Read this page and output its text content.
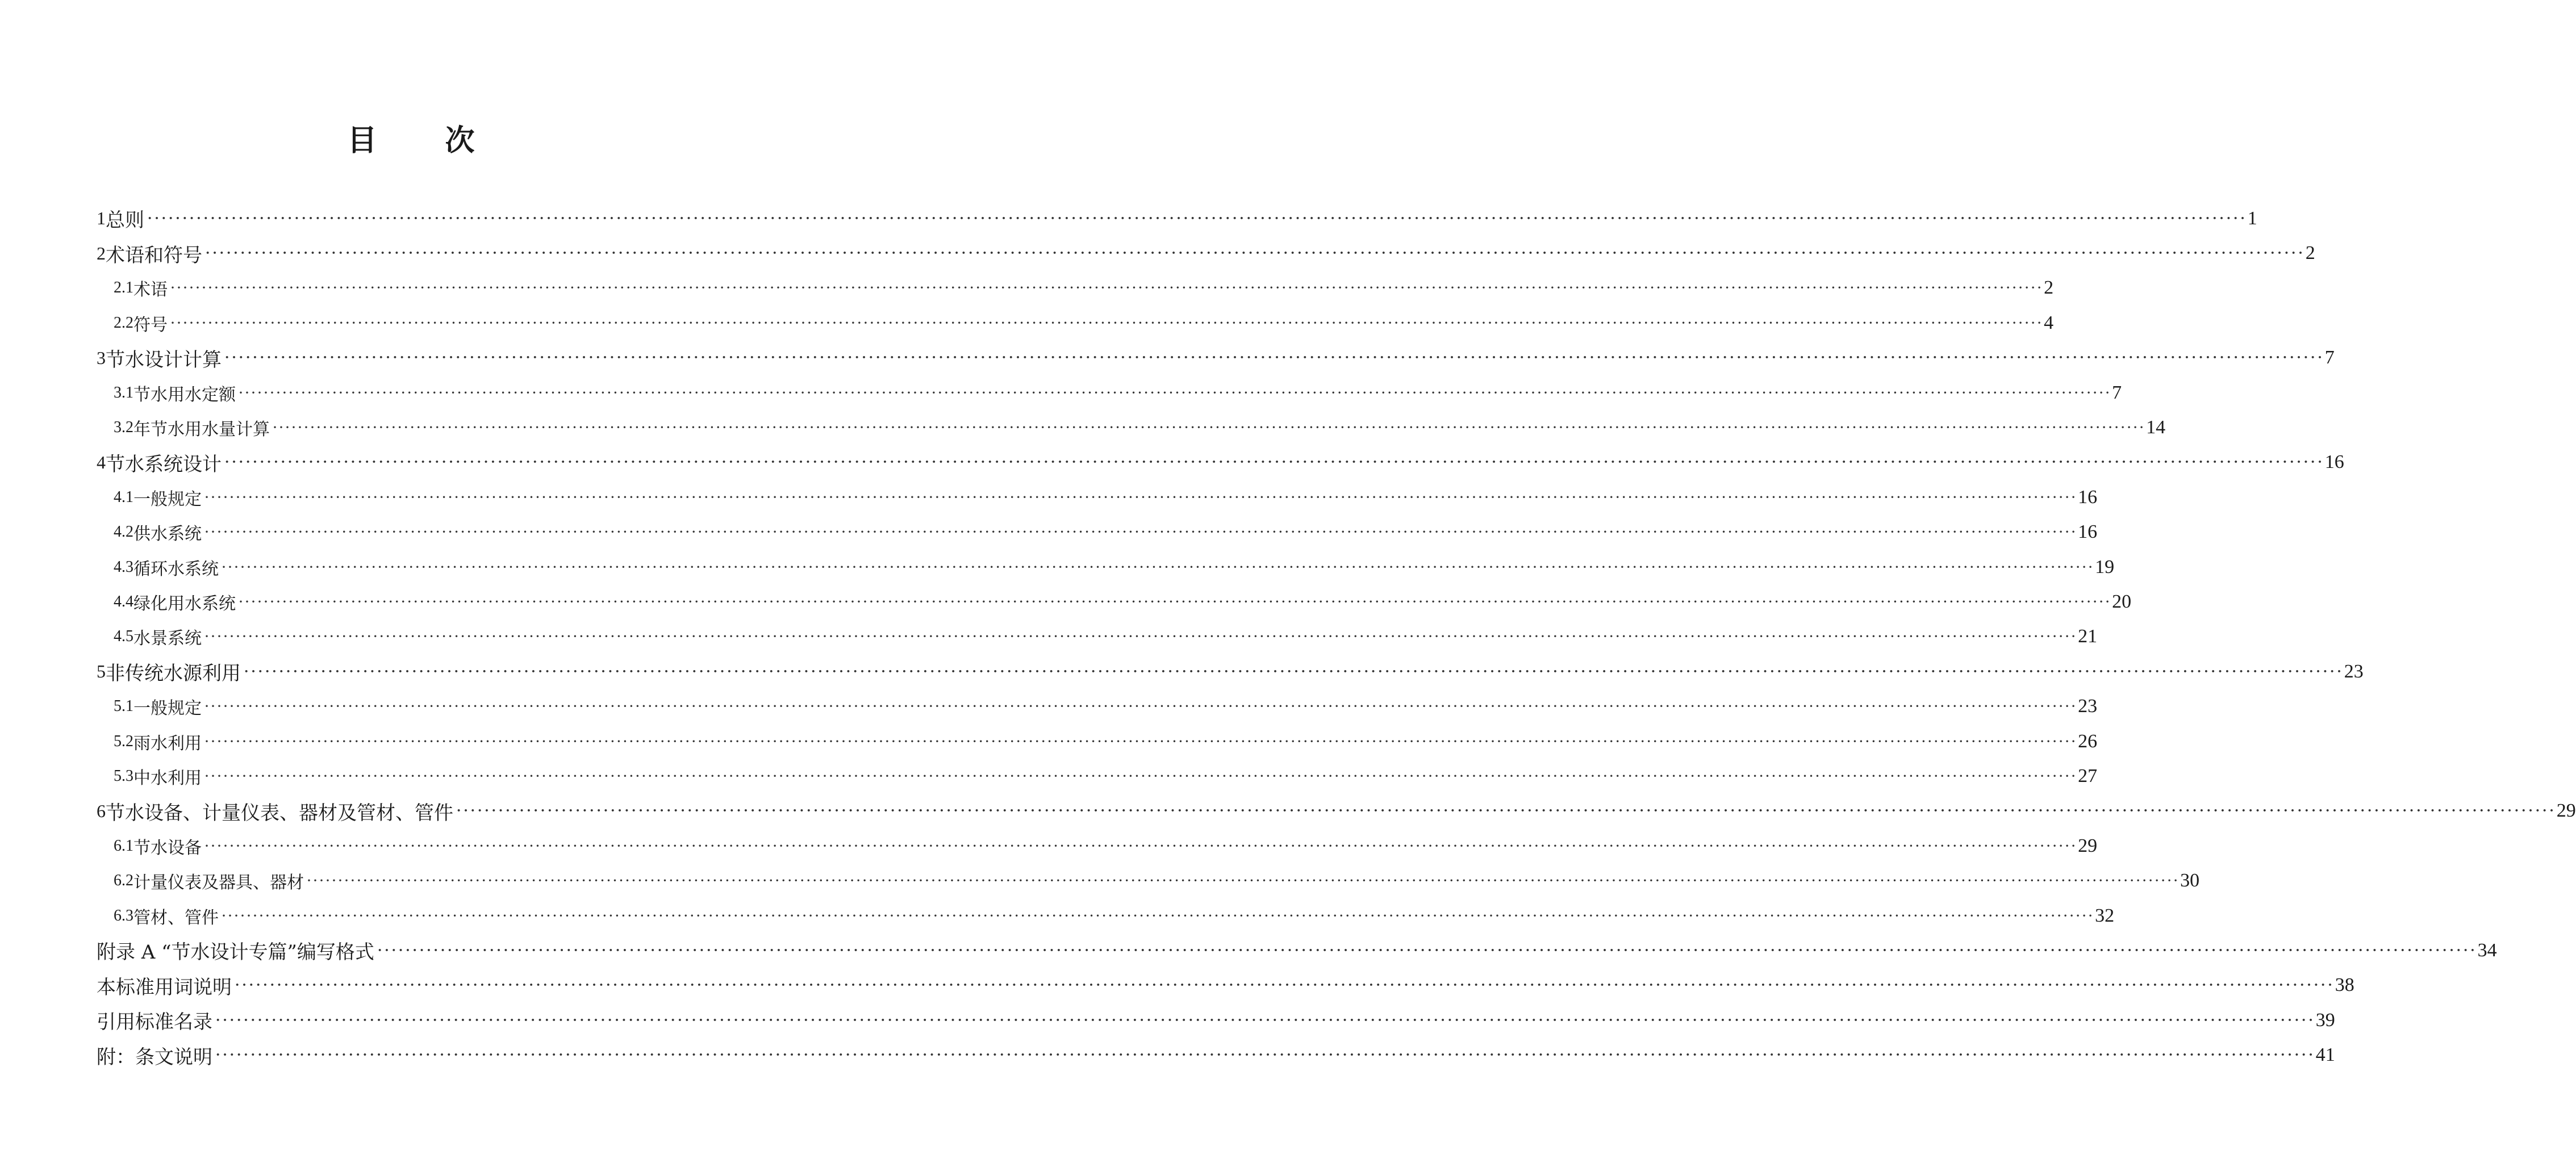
目 次
1 总则 ············································································································································································································································································································ 1
2 术语和符号 ············································································································································································································································································································ 2
2.1 术语 ············································································································································································································································································································ 2
2.2 符号 ············································································································································································································································································································ 4
3 节水设计计算 ············································································································································································································································································································ 7
3.1 节水用水定额 ············································································································································································································································································································ 7
3.2 年节水用水量计算 ············································································································································································································································································································ 14
4 节水系统设计 ············································································································································································································································································································ 16
4.1 一般规定 ············································································································································································································································································································ 16
4.2 供水系统 ············································································································································································································································································································ 16
4.3 循环水系统 ············································································································································································································································································································ 19
4.4 绿化用水系统 ············································································································································································································································································································ 20
4.5 水景系统 ············································································································································································································································································································ 21
5 非传统水源利用 ············································································································································································································································································································ 23
5.1 一般规定 ············································································································································································································································································································ 23
5.2 雨水利用 ············································································································································································································································································································ 26
5.3 中水利用 ············································································································································································································································································································ 27
6 节水设备、计量仪表、器材及管材、管件 ············································································································································································································································································································ 29
6.1 节水设备 ············································································································································································································································································································ 29
6.2 计量仪表及器具、器材 ············································································································································································································································································································ 30
6.3 管材、管件 ············································································································································································································································································································ 32
附录 A “节水设计专篇”编写格式 ············································································································································································································································································································ 34
本标准用词说明 ············································································································································································································································································································ 38
引用标准名录 ············································································································································································································································································································ 39
附：条文说明 ············································································································································································································································································································ 41
